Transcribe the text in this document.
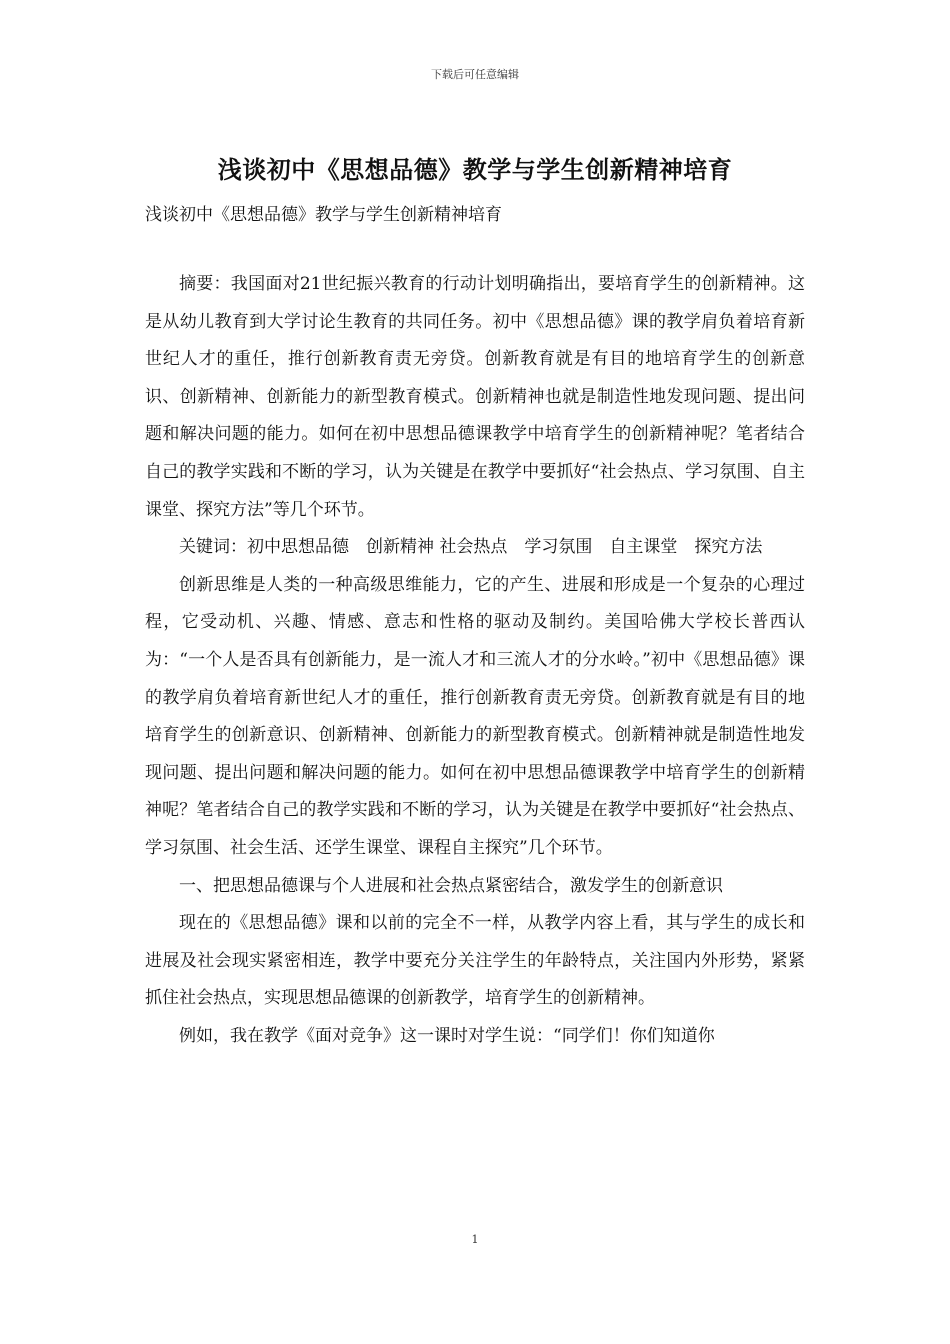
下载后可任意编辑
浅谈初中《思想品德》教学与学生创新精神培育

浅谈初中《思想品德》教学与学生创新精神培育

摘要：我国面对21世纪振兴教育的行动计划明确指出，要培育学生的创新精神。这是从幼儿教育到大学讨论生教育的共同任务。初中《思想品德》课的教学肩负着培育新世纪人才的重任，推行创新教育责无旁贷。创新教育就是有目的地培育学生的创新意识、创新精神、创新能力的新型教育模式。创新精神也就是制造性地发现问题、提出问题和解决问题的能力。如何在初中思想品德课教学中培育学生的创新精神呢？笔者结合自己的教学实践和不断的学习，认为关键是在教学中要抓好“社会热点、学习氛围、自主课堂、探究方法”等几个环节。

关键词：初中思想品德　创新精神 社会热点　学习氛围　自主课堂　探究方法

创新思维是人类的一种高级思维能力，它的产生、进展和形成是一个复杂的心理过程，它受动机、兴趣、情感、意志和性格的驱动及制约。美国哈佛大学校长普西认为：“一个人是否具有创新能力，是一流人才和三流人才的分水岭。”初中《思想品德》课的教学肩负着培育新世纪人才的重任，推行创新教育责无旁贷。创新教育就是有目的地培育学生的创新意识、创新精神、创新能力的新型教育模式。创新精神就是制造性地发现问题、提出问题和解决问题的能力。如何在初中思想品德课教学中培育学生的创新精神呢？笔者结合自己的教学实践和不断的学习，认为关键是在教学中要抓好“社会热点、学习氛围、社会生活、还学生课堂、课程自主探究”几个环节。

一、把思想品德课与个人进展和社会热点紧密结合，激发学生的创新意识

现在的《思想品德》课和以前的完全不一样，从教学内容上看，其与学生的成长和进展及社会现实紧密相连，教学中要充分关注学生的年龄特点，关注国内外形势，紧紧抓住社会热点，实现思想品德课的创新教学，培育学生的创新精神。

例如，我在教学《面对竞争》这一课时对学生说：“同学们！你们知道你

1
